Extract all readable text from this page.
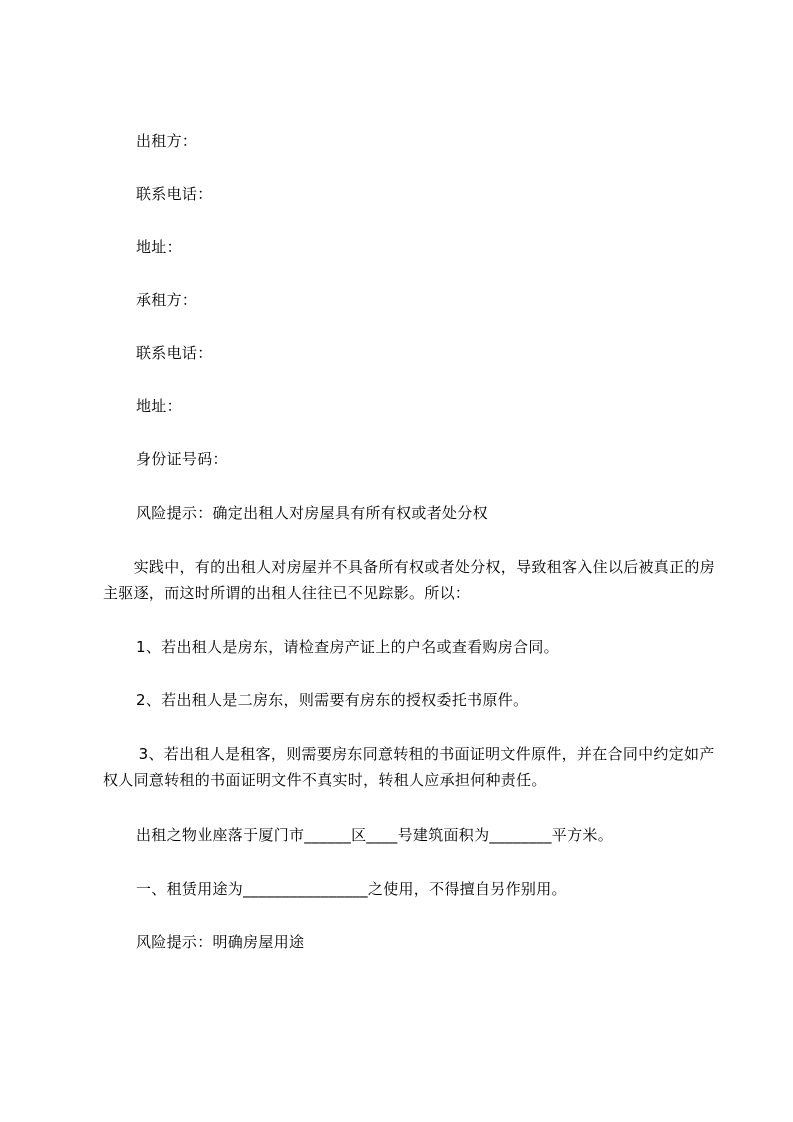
出租方：
联系电话：
地址：
承租方：
联系电话：
地址：
身份证号码：
风险提示：确定出租人对房屋具有所有权或者处分权
　　实践中，有的出租人对房屋并不具备所有权或者处分权，导致租客入住以后被真正的房主驱逐，而这时所谓的出租人往往已不见踪影。所以：
1、若出租人是房东，请检查房产证上的户名或查看购房合同。
2、若出租人是二房东，则需要有房东的授权委托书原件。
　　 3、若出租人是租客，则需要房东同意转租的书面证明文件原件，并在合同中约定如产权人同意转租的书面证明文件不真实时，转租人应承担何种责任。
出租之物业座落于厦门市______区____号建筑面积为________平方米。
一、租赁用途为________________之使用，不得擅自另作别用。
风险提示：明确房屋用途
